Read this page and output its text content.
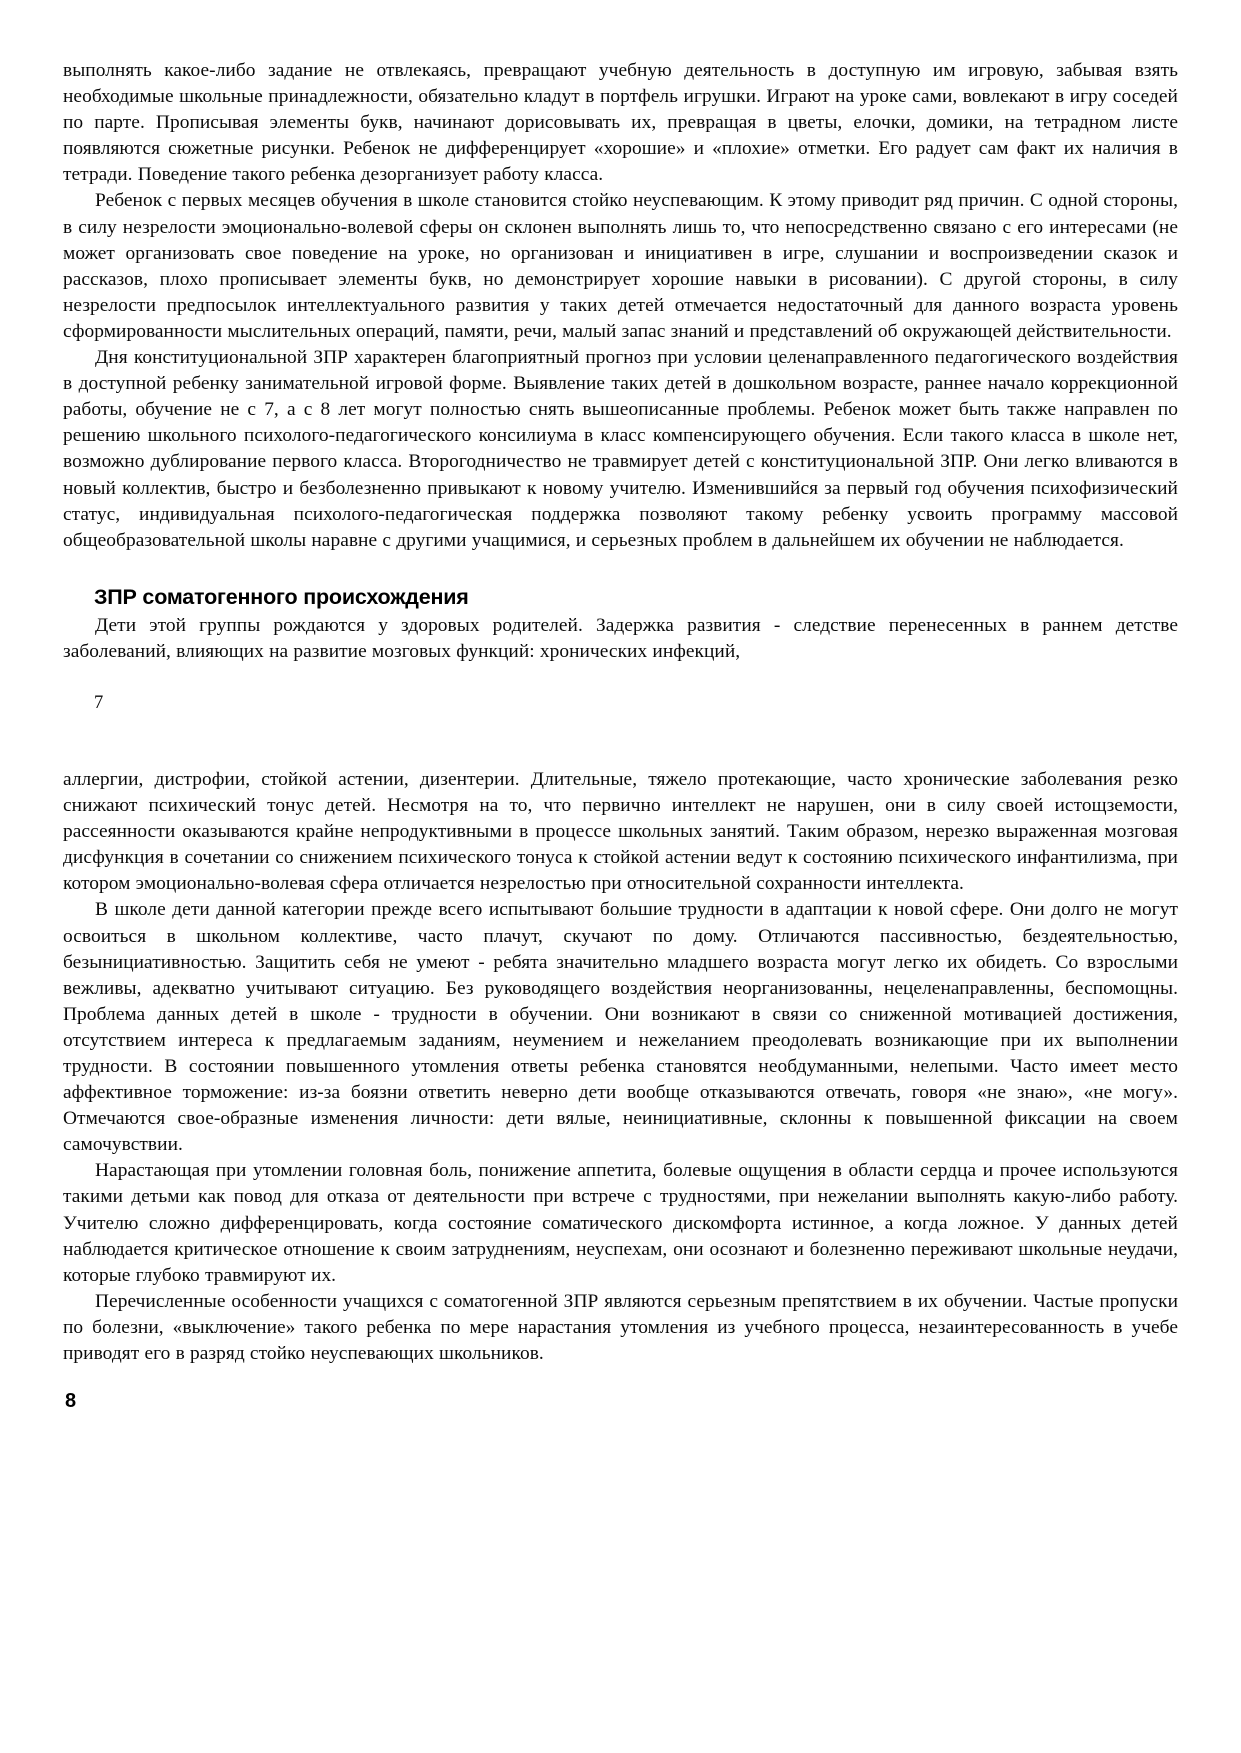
выполнять какое-либо задание не отвлекаясь, превращают учебную деятельность в доступную им игровую, забывая взять необходимые школьные принадлежности, обязательно кладут в портфель игрушки. Играют на уроке сами, вовлекают в игру соседей по парте. Прописывая элементы букв, начинают дорисовывать их, превращая в цветы, елочки, домики, на тетрадном листе появляются сюжетные рисунки. Ребенок не дифференцирует «хорошие» и «плохие» отметки. Его радует сам факт их наличия в тетради. Поведение такого ребенка дезорганизует работу класса.

Ребенок с первых месяцев обучения в школе становится стойко неуспевающим. К этому приводит ряд причин. С одной стороны, в силу незрелости эмоционально-волевой сферы он склонен выполнять лишь то, что непосредственно связано с его интересами (не может организовать свое поведение на уроке, но организован и инициативен в игре, слушании и воспроизведении сказок и рассказов, плохо прописывает элементы букв, но демонстрирует хорошие навыки в рисовании). С другой стороны, в силу незрелости предпосылок интеллектуального развития у таких детей отмечается недостаточный для данного возраста уровень сформированности мыслительных операций, памяти, речи, малый запас знаний и представлений об окружающей действительности.

Дня конституциональной ЗПР характерен благоприятный прогноз при условии целенаправленного педагогического воздействия в доступной ребенку занимательной игровой форме. Выявление таких детей в дошкольном возрасте, раннее начало коррекционной работы, обучение не с 7, а с 8 лет могут полностью снять вышеописанные проблемы. Ребенок может быть также направлен по решению школьного психолого-педагогического консилиума в класс компенсирующего обучения. Если такого класса в школе нет, возможно дублирование первого класса. Второгодничество не травмирует детей с конституциональной ЗПР. Они легко вливаются в новый коллектив, быстро и безболезненно привыкают к новому учителю. Изменившийся за первый год обучения психофизический статус, индивидуальная психолого-педагогическая поддержка позволяют такому ребенку усвоить программу массовой общеобразовательной школы наравне с другими учащимися, и серьезных проблем в дальнейшем их обучении не наблюдается.

ЗПР соматогенного происхождения

Дети этой группы рождаются у здоровых родителей. Задержка развития - следствие перенесенных в раннем детстве заболеваний, влияющих на развитие мозговых функций: хронических инфекций,

7

аллергии, дистрофии, стойкой астении, дизентерии. Длительные, тяжело протекающие, часто хронические заболевания резко снижают психический тонус детей. Несмотря на то, что первично интеллект не нарушен, они в силу своей истощземости, рассеянности оказываются крайне непродуктивными в процессе школьных занятий. Таким образом, нерезко выраженная мозговая дисфункция в сочетании со снижением психического тонуса к стойкой астении ведут к состоянию психического инфантилизма, при котором эмоционально-волевая сфера отличается незрелостью при относительной сохранности интеллекта.

В школе дети данной категории прежде всего испытывают большие трудности в адаптации к новой сфере. Они долго не могут освоиться в школьном коллективе, часто плачут, скучают по дому. Отличаются пассивностью, бездеятельностью, безынициативностью. Защитить себя не умеют - ребята значительно младшего возраста могут легко их обидеть. Со взрослыми вежливы, адекватно учитывают ситуацию. Без руководящего воздействия неорганизованны, нецеленаправленны, беспомощны. Проблема данных детей в школе - трудности в обучении. Они возникают в связи со сниженной мотивацией достижения, отсутствием интереса к предлагаемым заданиям, неумением и нежеланием преодолевать возникающие при их выполнении трудности. В состоянии повышенного утомления ответы ребенка становятся необдуманными, нелепыми. Часто имеет место аффективное торможение: из-за боязни ответить неверно дети вообще отказываются отвечать, говоря «не знаю», «не могу». Отмечаются свое-образные изменения личности: дети вялые, неинициативные, склонны к повышенной фиксации на своем самочувствии.

Нарастающая при утомлении головная боль, понижение аппетита, болевые ощущения в области сердца и прочее используются такими детьми как повод для отказа от деятельности при встрече с трудностями, при нежелании выполнять какую-либо работу. Учителю сложно дифференцировать, когда состояние соматического дискомфорта истинное, а когда ложное. У данных детей наблюдается критическое отношение к своим затруднениям, неуспехам, они осознают и болезненно переживают школьные неудачи, которые глубоко травмируют их.

Перечисленные особенности учащихся с соматогенной ЗПР являются серьезным препятствием в их обучении. Частые пропуски по болезни, «выключение» такого ребенка по мере нарастания утомления из учебного процесса, незаинтересованность в учебе приводят его в разряд стойко неуспевающих школьников.

8
